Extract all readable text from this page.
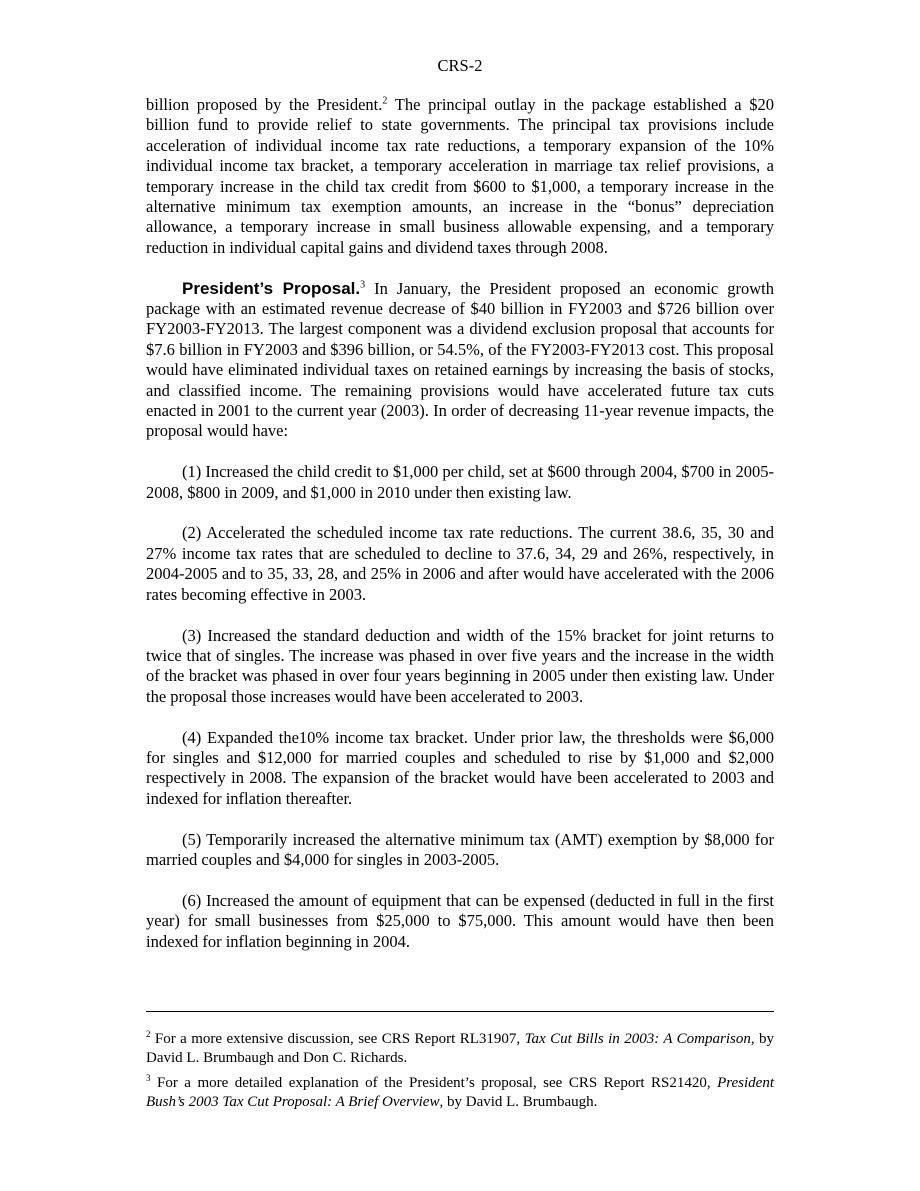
CRS-2

billion proposed by the President.$^2$ The principal outlay in the package established a $20 billion fund to provide relief to state governments. The principal tax provisions include acceleration of individual income tax rate reductions, a temporary expansion of the 10% individual income tax bracket, a temporary acceleration in marriage tax relief provisions, a temporary increase in the child tax credit from $600 to $1,000, a temporary increase in the alternative minimum tax exemption amounts, an increase in the “bonus” depreciation allowance, a temporary increase in small business allowable expensing, and a temporary reduction in individual capital gains and dividend taxes through 2008.

President’s Proposal.$^3$ In January, the President proposed an economic growth package with an estimated revenue decrease of $40 billion in FY2003 and $726 billion over FY2003-FY2013. The largest component was a dividend exclusion proposal that accounts for $7.6 billion in FY2003 and $396 billion, or 54.5%, of the FY2003-FY2013 cost. This proposal would have eliminated individual taxes on retained earnings by increasing the basis of stocks, and classified income. The remaining provisions would have accelerated future tax cuts enacted in 2001 to the current year (2003). In order of decreasing 11-year revenue impacts, the proposal would have:

(1) Increased the child credit to $1,000 per child, set at $600 through 2004, $700 in 2005-2008, $800 in 2009, and $1,000 in 2010 under then existing law.

(2) Accelerated the scheduled income tax rate reductions. The current 38.6, 35, 30 and 27% income tax rates that are scheduled to decline to 37.6, 34, 29 and 26%, respectively, in 2004-2005 and to 35, 33, 28, and 25% in 2006 and after would have accelerated with the 2006 rates becoming effective in 2003.

(3) Increased the standard deduction and width of the 15% bracket for joint returns to twice that of singles. The increase was phased in over five years and the increase in the width of the bracket was phased in over four years beginning in 2005 under then existing law. Under the proposal those increases would have been accelerated to 2003.

(4) Expanded the10% income tax bracket. Under prior law, the thresholds were $6,000 for singles and $12,000 for married couples and scheduled to rise by $1,000 and $2,000 respectively in 2008. The expansion of the bracket would have been accelerated to 2003 and indexed for inflation thereafter.

(5) Temporarily increased the alternative minimum tax (AMT) exemption by $8,000 for married couples and $4,000 for singles in 2003-2005.

(6) Increased the amount of equipment that can be expensed (deducted in full in the first year) for small businesses from $25,000 to $75,000. This amount would have then been indexed for inflation beginning in 2004.

$^2$ For a more extensive discussion, see CRS Report RL31907, Tax Cut Bills in 2003: A Comparison, by David L. Brumbaugh and Don C. Richards.

$^3$ For a more detailed explanation of the President’s proposal, see CRS Report RS21420, President Bush’s 2003 Tax Cut Proposal: A Brief Overview, by David L. Brumbaugh.
